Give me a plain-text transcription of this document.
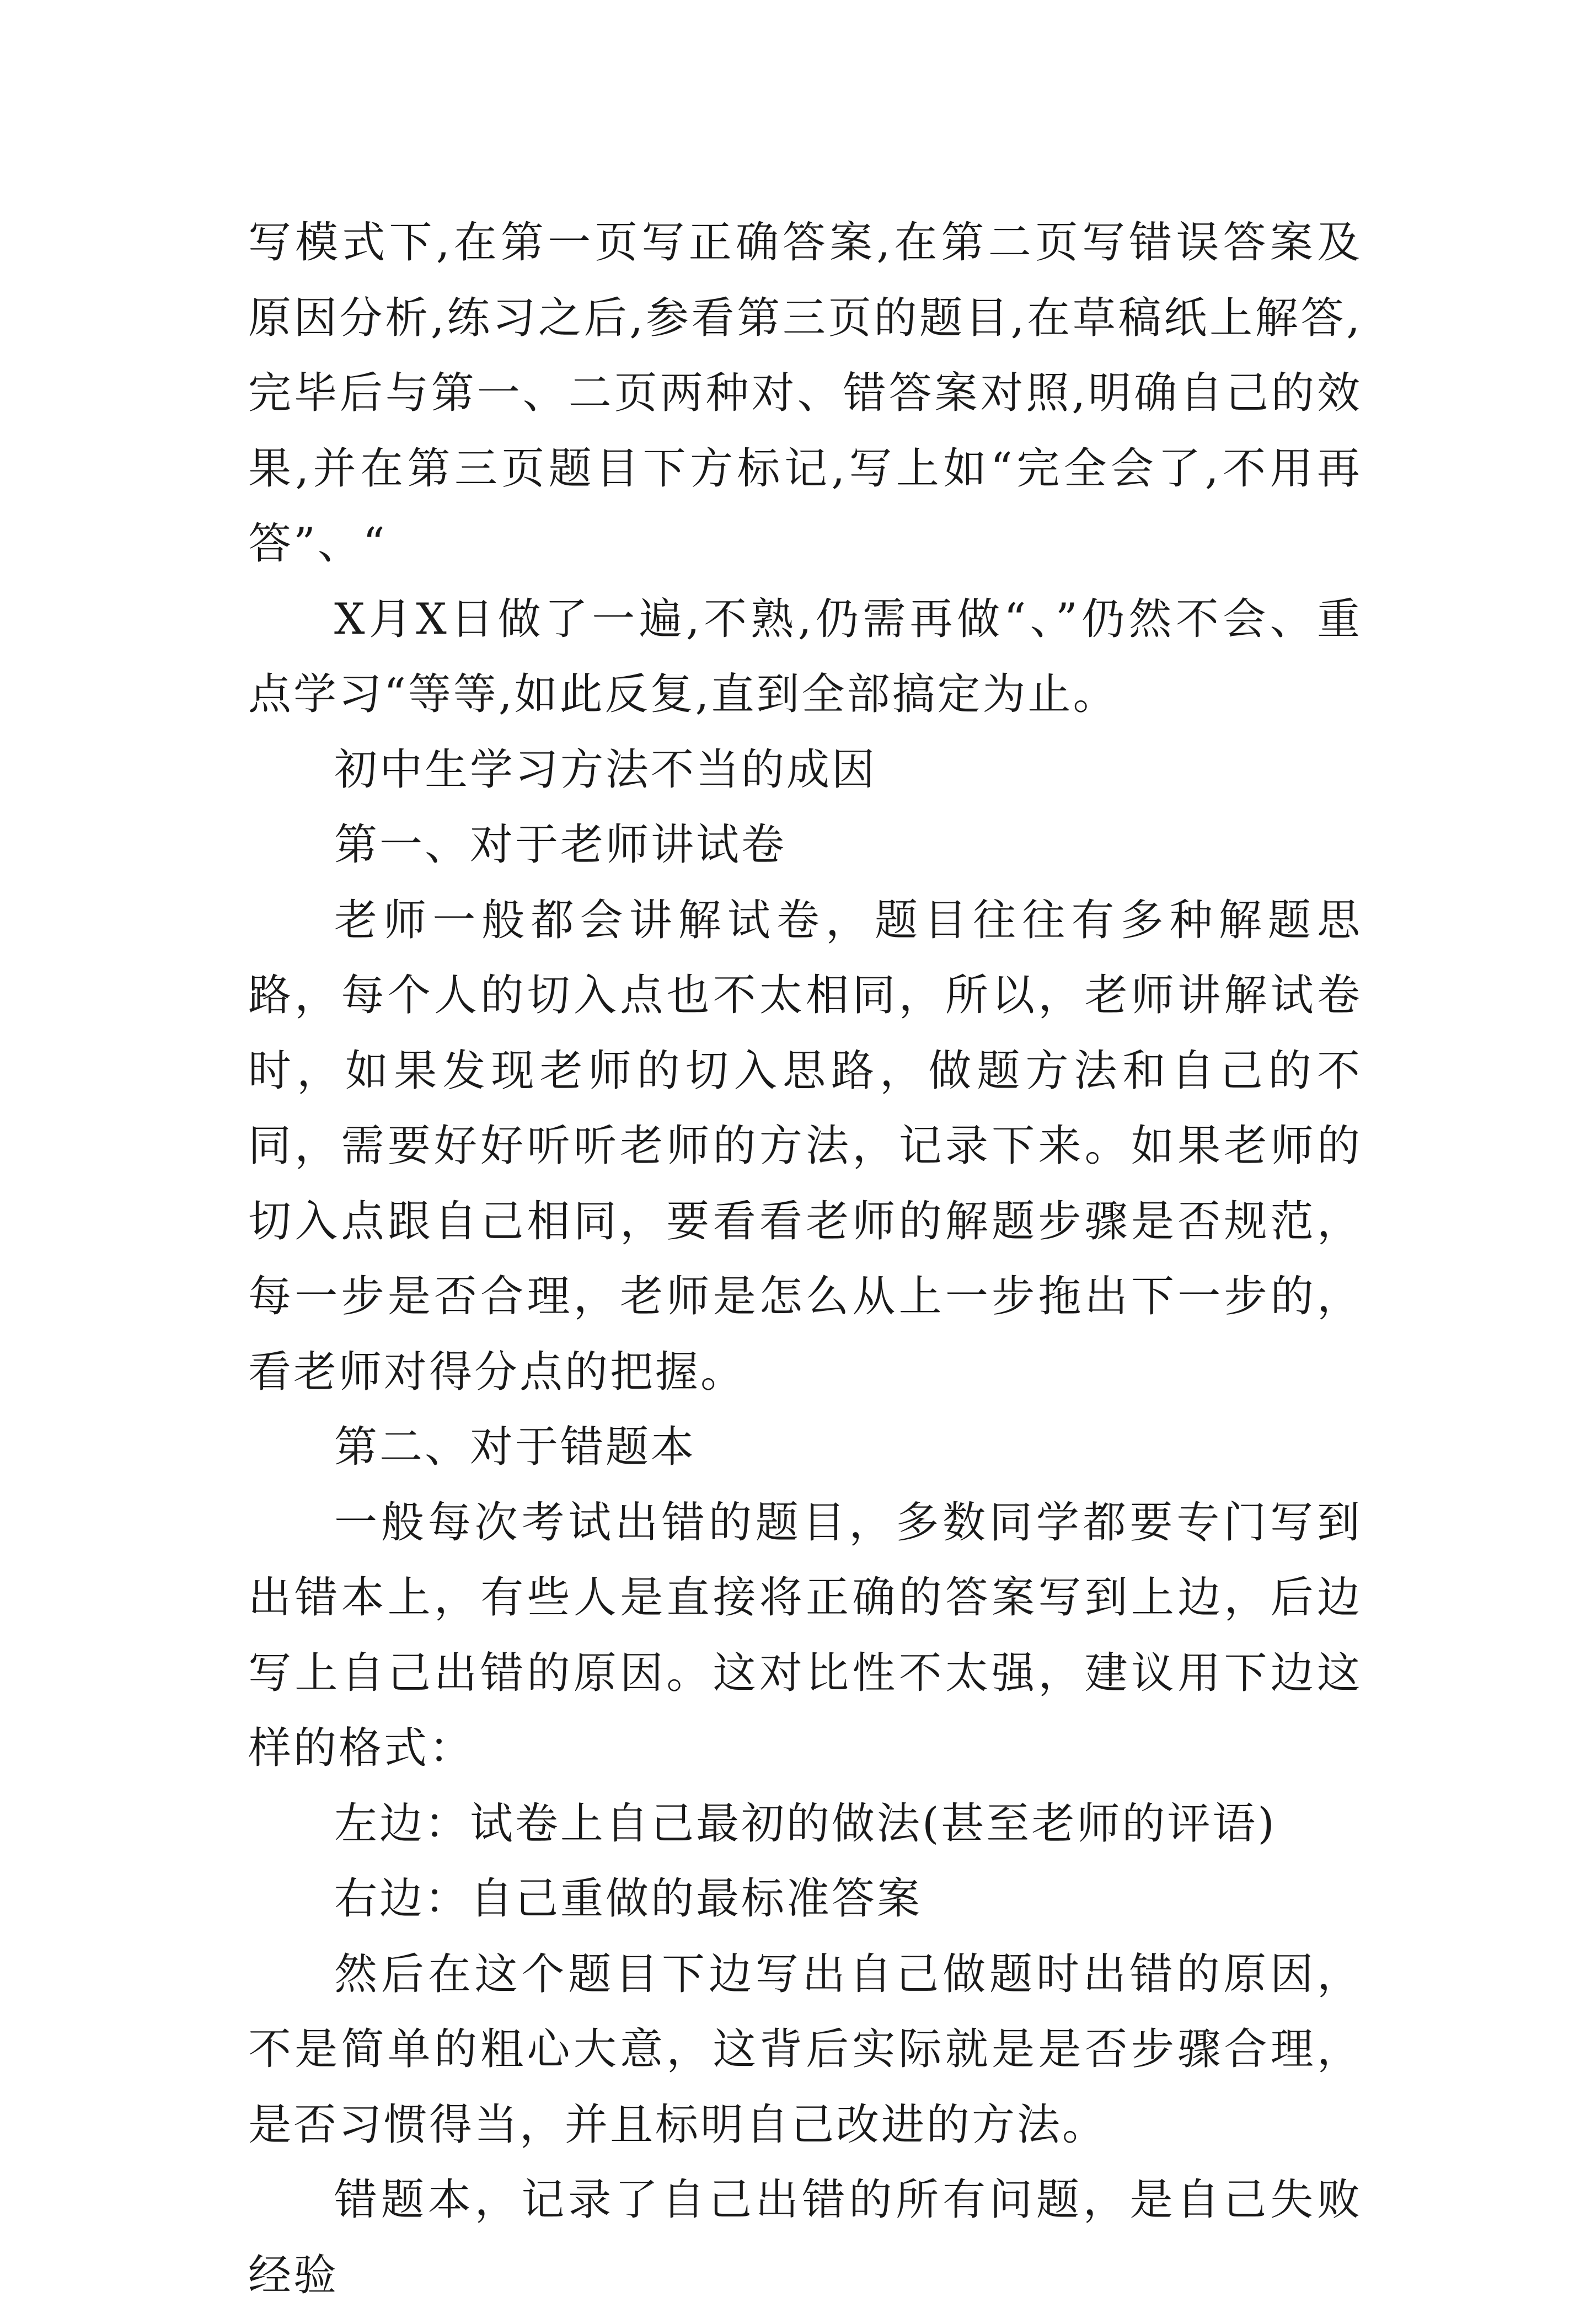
写模式下,在第一页写正确答案,在第二页写错误答案及原因分析,练习之后,参看第三页的题目,在草稿纸上解答,完毕后与第一、二页两种对、错答案对照,明确自己的效果,并在第三页题目下方标记,写上如“完全会了,不用再答”、“

X月X日做了一遍,不熟,仍需再做“、”仍然不会、重点学习“等等,如此反复,直到全部搞定为止。

初中生学习方法不当的成因

第一、对于老师讲试卷

老师一般都会讲解试卷，题目往往有多种解题思路，每个人的切入点也不太相同，所以，老师讲解试卷时，如果发现老师的切入思路，做题方法和自己的不同，需要好好听听老师的方法，记录下来。如果老师的切入点跟自己相同，要看看老师的解题步骤是否规范，每一步是否合理，老师是怎么从上一步拖出下一步的，看老师对得分点的把握。

第二、对于错题本

一般每次考试出错的题目，多数同学都要专门写到出错本上，有些人是直接将正确的答案写到上边，后边写上自己出错的原因。这对比性不太强，建议用下边这样的格式：

左边：试卷上自己最初的做法(甚至老师的评语)

右边：自己重做的最标准答案

然后在这个题目下边写出自己做题时出错的原因，不是简单的粗心大意，这背后实际就是是否步骤合理，是否习惯得当，并且标明自己改进的方法。

错题本，记录了自己出错的所有问题，是自己失败经验
